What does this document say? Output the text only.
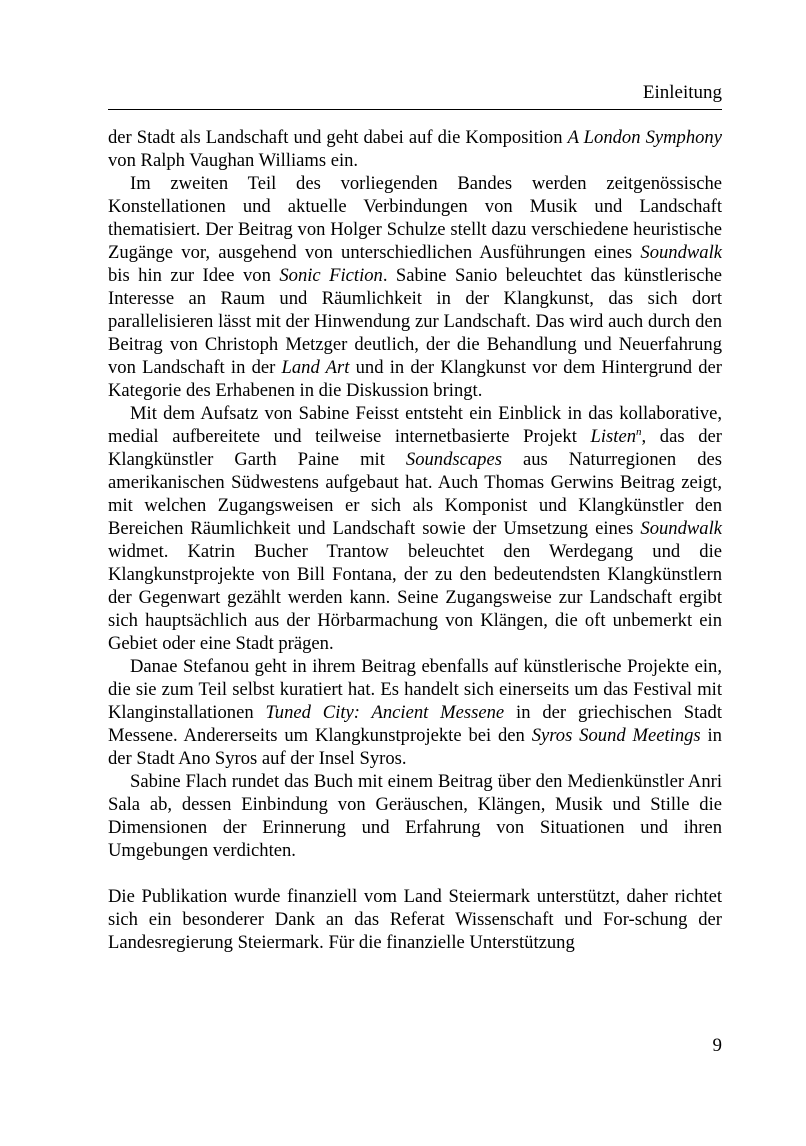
Einleitung

der Stadt als Landschaft und geht dabei auf die Komposition A London Symphony von Ralph Vaughan Williams ein.

Im zweiten Teil des vorliegenden Bandes werden zeitgenössische Konstellationen und aktuelle Verbindungen von Musik und Landschaft thematisiert. Der Beitrag von Holger Schulze stellt dazu verschiedene heuristische Zugänge vor, ausgehend von unterschiedlichen Ausführungen eines Soundwalk bis hin zur Idee von Sonic Fiction. Sabine Sanio beleuchtet das künstlerische Interesse an Raum und Räumlichkeit in der Klangkunst, das sich dort parallelisieren lässt mit der Hinwendung zur Landschaft. Das wird auch durch den Beitrag von Christoph Metzger deutlich, der die Behandlung und Neuerfahrung von Landschaft in der Land Art und in der Klangkunst vor dem Hintergrund der Kategorie des Erhabenen in die Diskussion bringt.

Mit dem Aufsatz von Sabine Feisst entsteht ein Einblick in das kollaborative, medial aufbereitete und teilweise internetbasierte Projekt Listen$^n$, das der Klangkünstler Garth Paine mit Soundscapes aus Naturregionen des amerikanischen Südwestens aufgebaut hat. Auch Thomas Gerwins Beitrag zeigt, mit welchen Zugangsweisen er sich als Komponist und Klangkünstler den Bereichen Räumlichkeit und Landschaft sowie der Umsetzung eines Soundwalk widmet. Katrin Bucher Trantow beleuchtet den Werdegang und die Klangkunstprojekte von Bill Fontana, der zu den bedeutendsten Klangkünstlern der Gegenwart gezählt werden kann. Seine Zugangsweise zur Landschaft ergibt sich hauptsächlich aus der Hörbarmachung von Klängen, die oft unbemerkt ein Gebiet oder eine Stadt prägen.

Danae Stefanou geht in ihrem Beitrag ebenfalls auf künstlerische Projekte ein, die sie zum Teil selbst kuratiert hat. Es handelt sich einerseits um das Festival mit Klanginstallationen Tuned City: Ancient Messene in der griechischen Stadt Messene. Andererseits um Klangkunstprojekte bei den Syros Sound Meetings in der Stadt Ano Syros auf der Insel Syros.

Sabine Flach rundet das Buch mit einem Beitrag über den Medienkünstler Anri Sala ab, dessen Einbindung von Geräuschen, Klängen, Musik und Stille die Dimensionen der Erinnerung und Erfahrung von Situationen und ihren Umgebungen verdichten.

Die Publikation wurde finanziell vom Land Steiermark unterstützt, daher richtet sich ein besonderer Dank an das Referat Wissenschaft und For-schung der Landesregierung Steiermark. Für die finanzielle Unterstützung

9
